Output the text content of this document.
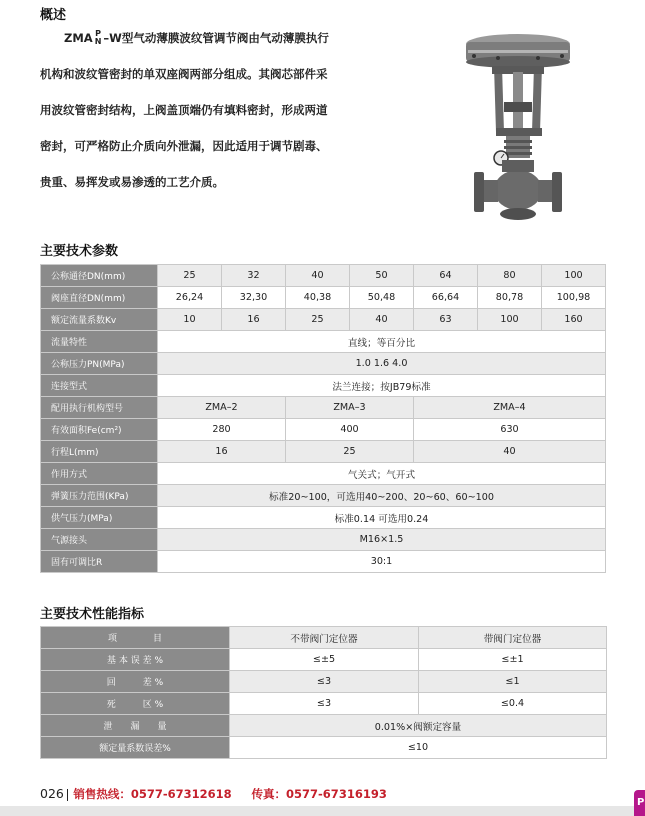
概述
ZMA P
N –W型气动薄膜波纹管调节阀由气动薄膜执行
机构和波纹管密封的单双座阀两部分组成。其阀芯部件采
用波纹管密封结构，上阀盖顶端仍有填料密封，形成两道
密封，可严格防止介质向外泄漏，因此适用于调节剧毒、
贵重、易挥发或易渗透的工艺介质。
主要技术参数
公称通径DN(mm)	25	32	40	50	64	80	100
阀座直径DN(mm)	26,24	32,30	40,38	50,48	66,64	80,78	100,98
额定流量系数Kv	10	16	25	40	63	100	160
流量特性	直线；等百分比						
公称压力PN(MPa)	1.0 1.6 4.0						
连接型式	法兰连接；按JB79标准						
配用执行机构型号	ZMA–2		ZMA–3		ZMA–4		
有效面积Fe(cm²)	280		400		630		
行程L(mm)	16		25		40		
作用方式	气关式；气开式						
弹簧压力范围(KPa)	标准20~100，可选用40~200、20~60、60~100						
供气压力(MPa)	标准0.14 可选用0.24						
气源接头	M16×1.5						
固有可调比R	30:1						
主要技术性能指标
项　　　　目	不带阀门定位器	带阀门定位器
基 本 误 差 %	≤±5	≤±1
回　　　差 %	≤3	≤1
死　　　区 %	≤3	≤0.4
泄　　漏　　量	0.01%×阀额定容量	
额定量系数误差%	≤10	
026 销售热线：0577-67312618 传真：0577-67316193
P
